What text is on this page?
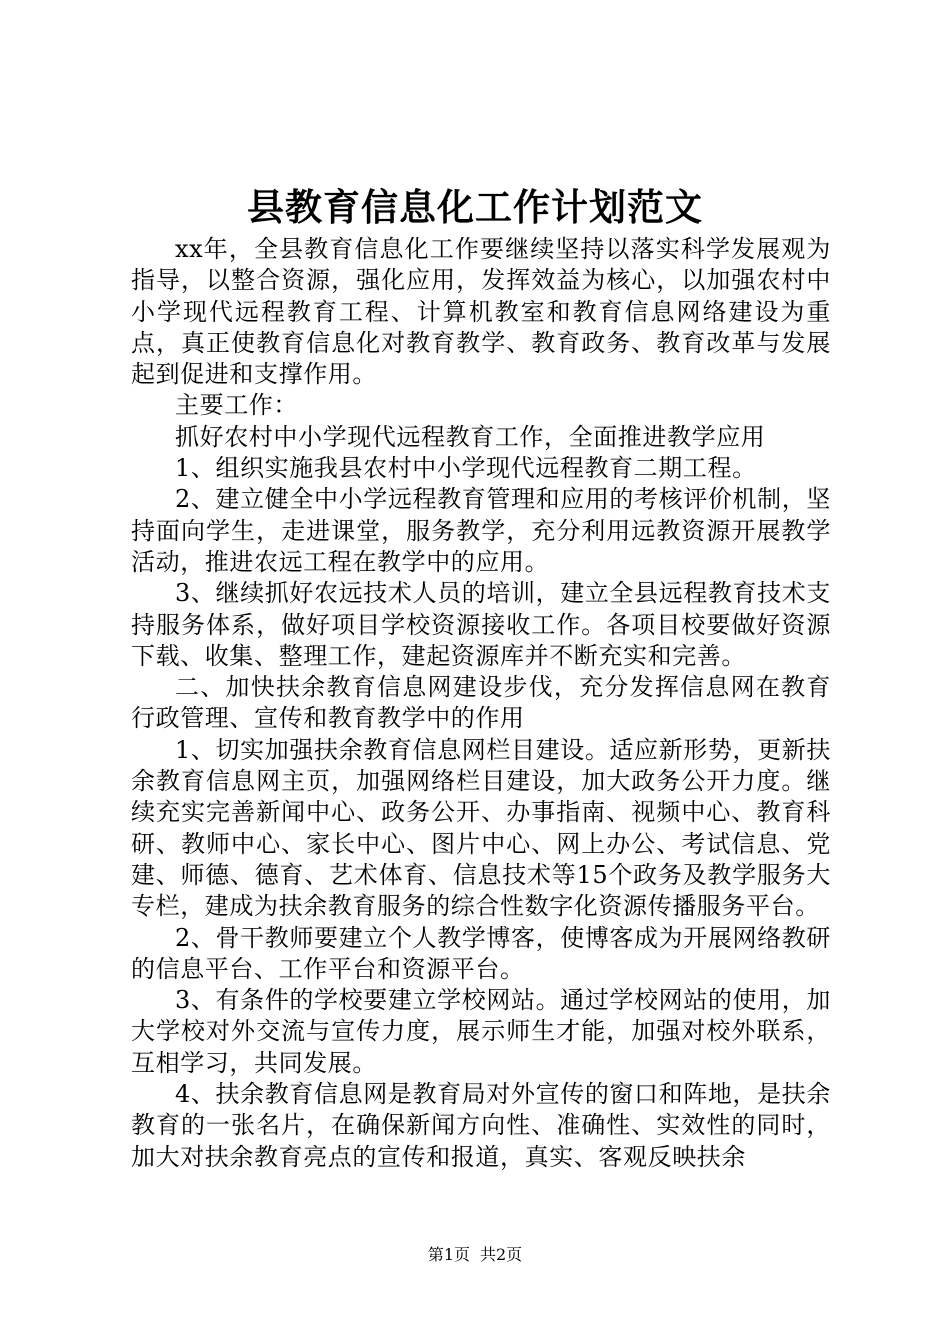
县教育信息化工作计划范文

xx年，全县教育信息化工作要继续坚持以落实科学发展观为指导，以整合资源，强化应用，发挥效益为核心，以加强农村中小学现代远程教育工程、计算机教室和教育信息网络建设为重点，真正使教育信息化对教育教学、教育政务、教育改革与发展起到促进和支撑作用。

主要工作：

抓好农村中小学现代远程教育工作，全面推进教学应用

1、组织实施我县农村中小学现代远程教育二期工程。

2、建立健全中小学远程教育管理和应用的考核评价机制，坚持面向学生，走进课堂，服务教学，充分利用远教资源开展教学活动，推进农远工程在教学中的应用。

3、继续抓好农远技术人员的培训，建立全县远程教育技术支持服务体系，做好项目学校资源接收工作。各项目校要做好资源下载、收集、整理工作，建起资源库并不断充实和完善。

二、加快扶余教育信息网建设步伐，充分发挥信息网在教育行政管理、宣传和教育教学中的作用

1、切实加强扶余教育信息网栏目建设。适应新形势，更新扶余教育信息网主页，加强网络栏目建设，加大政务公开力度。继续充实完善新闻中心、政务公开、办事指南、视频中心、教育科研、教师中心、家长中心、图片中心、网上办公、考试信息、党建、师德、德育、艺术体育、信息技术等15个政务及教学服务大专栏，建成为扶余教育服务的综合性数字化资源传播服务平台。

2、骨干教师要建立个人教学博客，使博客成为开展网络教研的信息平台、工作平台和资源平台。

3、有条件的学校要建立学校网站。通过学校网站的使用，加大学校对外交流与宣传力度，展示师生才能，加强对校外联系，互相学习，共同发展。

4、扶余教育信息网是教育局对外宣传的窗口和阵地，是扶余教育的一张名片，在确保新闻方向性、准确性、实效性的同时，加大对扶余教育亮点的宣传和报道，真实、客观反映扶余

第1页 共2页
